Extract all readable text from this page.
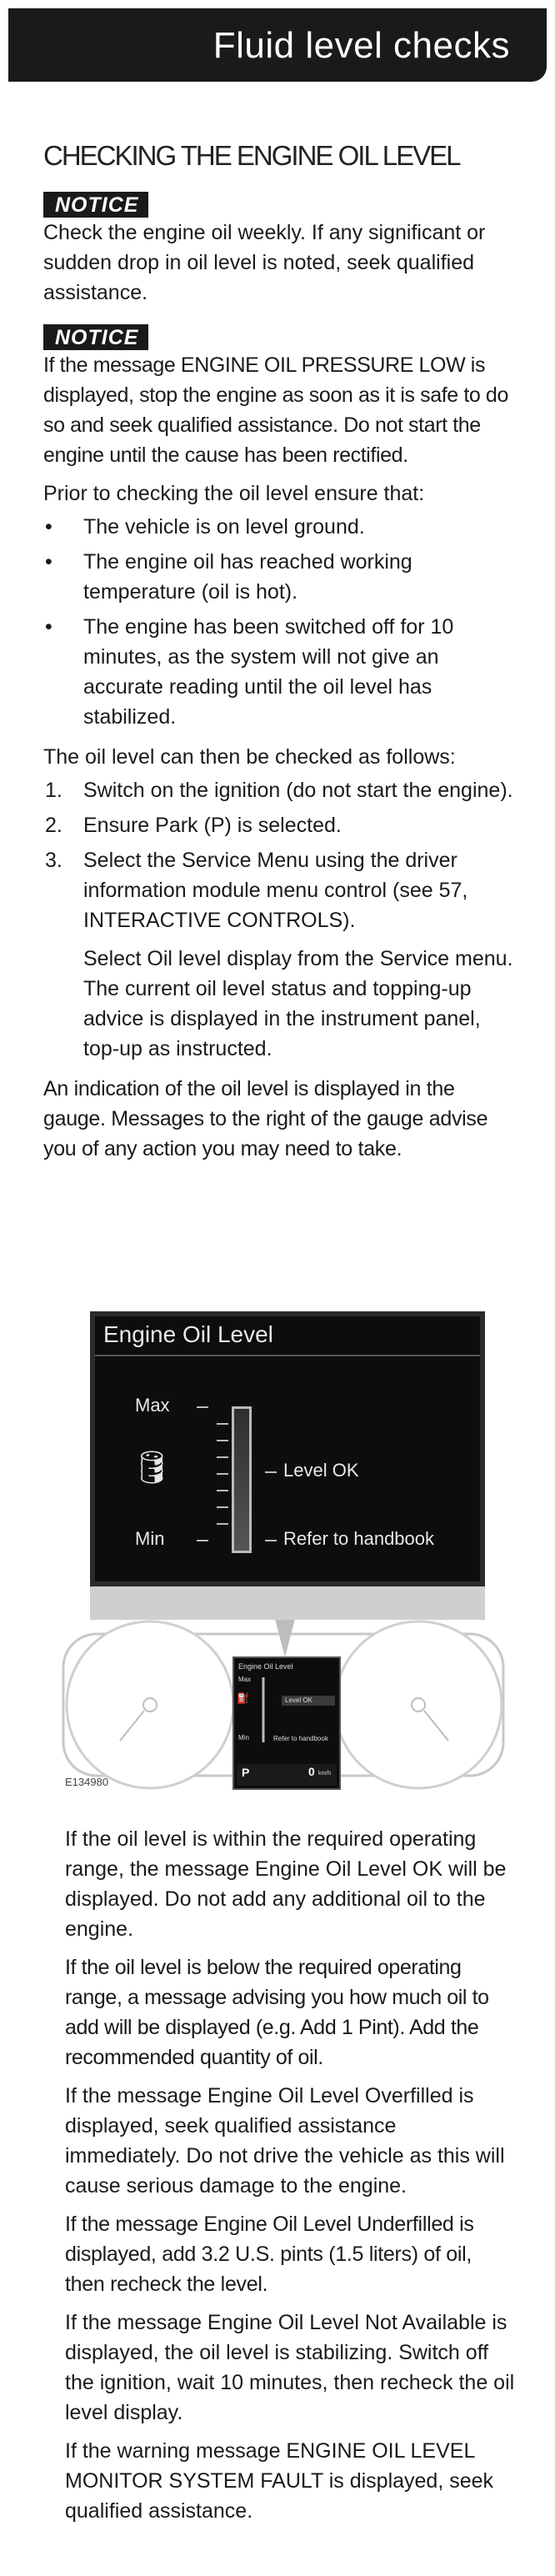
Fluid level checks
CHECKING THE ENGINE OIL LEVEL
NOTICE

Check the engine oil weekly. If any significant or sudden drop in oil level is noted, seek qualified assistance.

NOTICE

If the message ENGINE OIL PRESSURE LOW is displayed, stop the engine as soon as it is safe to do so and seek qualified assistance. Do not start the engine until the cause has been rectified.

Prior to checking the oil level ensure that:

• The vehicle is on level ground.
• The engine oil has reached working temperature (oil is hot).
• The engine has been switched off for 10 minutes, as the system will not give an accurate reading until the oil level has stabilized.

The oil level can then be checked as follows:

1. Switch on the ignition (do not start the engine).
2. Ensure Park (P) is selected.
3. Select the Service Menu using the driver information module menu control (see 57, INTERACTIVE CONTROLS).
Select Oil level display from the Service menu. The current oil level status and topping-up advice is displayed in the instrument panel, top-up as instructed.

An indication of the oil level is displayed in the gauge. Messages to the right of the gauge advise you of any action you may need to take.

Engine Oil Level
Max
⛽	Level OK
Min	Refer to handbook
P	0 km/h
Engine Oil Level
Max
Min
🛢	Level OK
Refer to handbook
E134980

If the oil level is within the required operating range, the message Engine Oil Level OK will be displayed. Do not add any additional oil to the engine.

If the oil level is below the required operating range, a message advising you how much oil to add will be displayed (e.g. Add 1 Pint). Add the recommended quantity of oil.

If the message Engine Oil Level Overfilled is displayed, seek qualified assistance immediately. Do not drive the vehicle as this will cause serious damage to the engine.

If the message Engine Oil Level Underfilled is displayed, add 3.2 U.S. pints (1.5 liters) of oil, then recheck the level.

If the message Engine Oil Level Not Available is displayed, the oil level is stabilizing. Switch off the ignition, wait 10 minutes, then recheck the oil level display.

If the warning message ENGINE OIL LEVEL MONITOR SYSTEM FAULT is displayed, seek qualified assistance.
